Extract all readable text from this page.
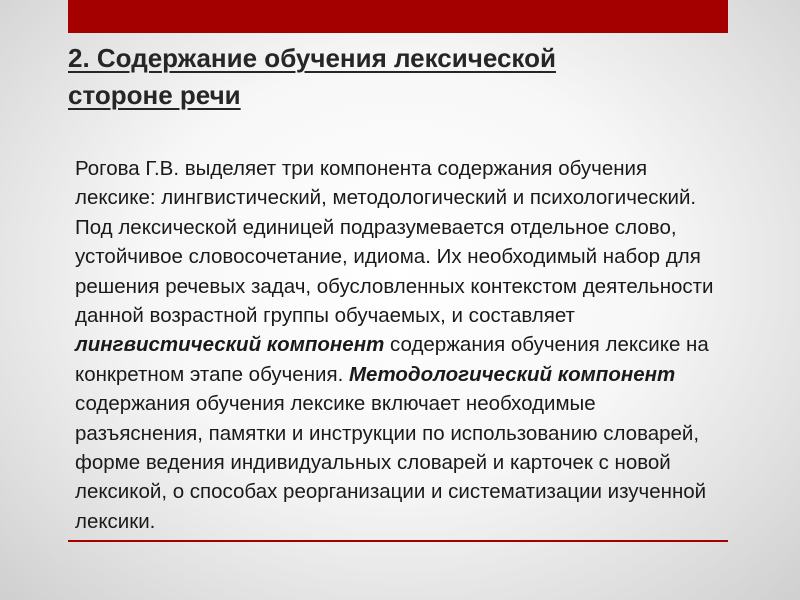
2. Содержание обучения лексической
стороне речи

Рогова Г.В. выделяет три компонента содержания обучения лексике: лингвистический, методологический и психологический. Под лексической единицей подразумевается отдельное слово, устойчивое словосочетание, идиома. Их необходимый набор для решения речевых задач, обусловленных контекстом деятельности данной возрастной группы обучаемых, и составляет лингвистический компонент содержания обучения лексике на конкретном этапе обучения. Методологический компонент содержания обучения лексике включает необходимые разъяснения, памятки и инструкции по использованию словарей, форме ведения индивидуальных словарей и карточек с новой лексикой, о способах реорганизации и систематизации изученной лексики.
